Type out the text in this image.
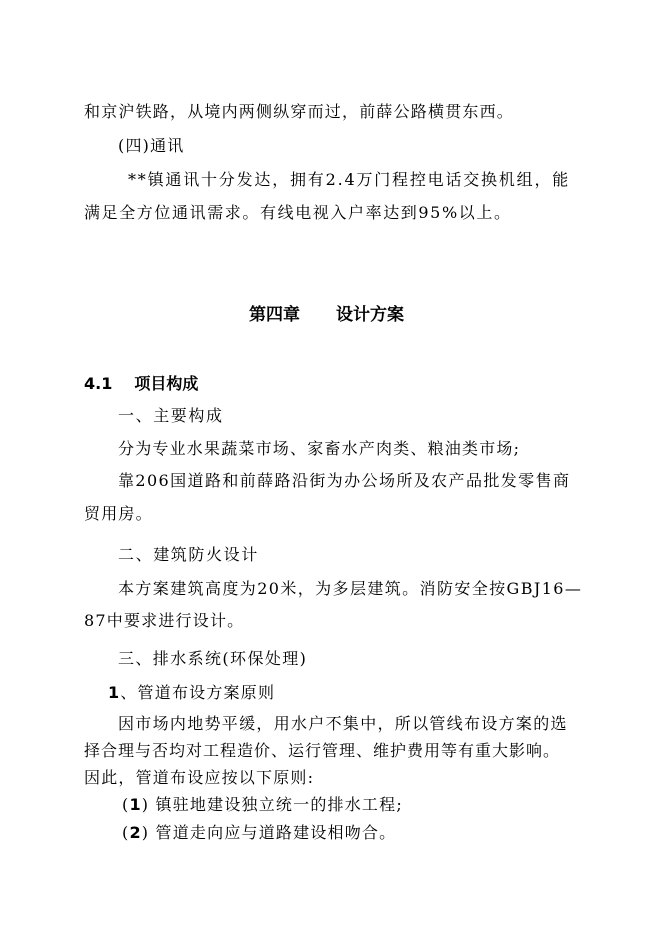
和京沪铁路，从境内两侧纵穿而过，前薛公路横贯东西。
(四)通讯
**镇通讯十分发达，拥有2.4万门程控电话交换机组，能
满足全方位通讯需求。有线电视入户率达到95%以上。
第四章 设计方案
4.1 项目构成
一、主要构成
分为专业水果蔬菜市场、家畜水产肉类、粮油类市场;
靠206国道路和前薛路沿街为办公场所及农产品批发零售商
贸用房。
二、建筑防火设计
本方案建筑高度为20米，为多层建筑。消防安全按GBJ16—
87中要求进行设计。
三、排水系统(环保处理)
1、管道布设方案原则
因市场内地势平缓，用水户不集中，所以管线布设方案的选
择合理与否均对工程造价、运行管理、维护费用等有重大影响。
因此，管道布设应按以下原则:
(1) 镇驻地建设独立统一的排水工程;
(2) 管道走向应与道路建设相吻合。
